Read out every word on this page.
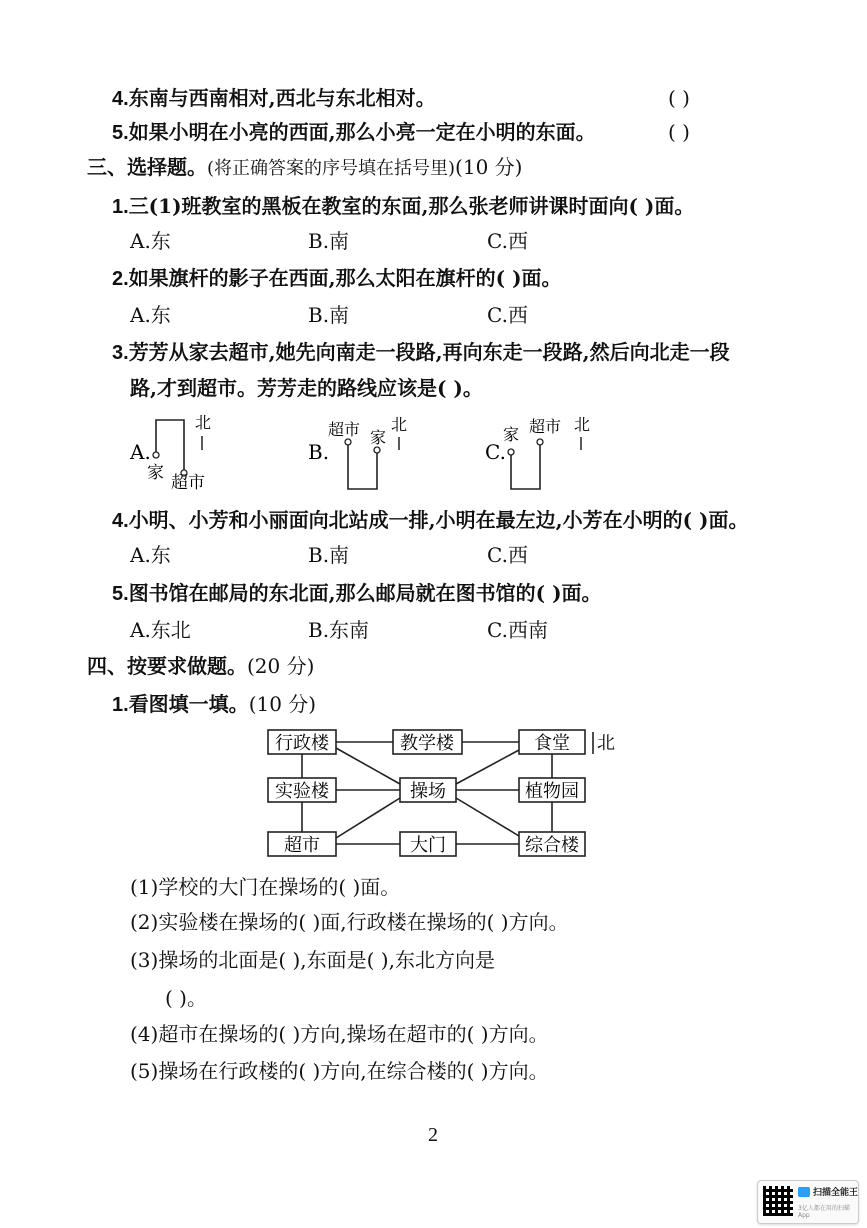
4.东南与西南相对,西北与东北相对。	( )
5.如果小明在小亮的西面,那么小亮一定在小明的东面。	( )
三、选择题。(将正确答案的序号填在括号里)(10 分)
1.三(1)班教室的黑板在教室的东面,那么张老师讲课时面向( )面。
A.东	B.南	C.西
2.如果旗杆的影子在西面,那么太阳在旗杆的( )面。
A.东	B.南	C.西
3.芳芳从家去超市,她先向南走一段路,再向东走一段路,然后向北走一段
路,才到超市。芳芳走的路线应该是( )。
A.
家 超市
北
B.
超市 家
北
C.
家 超市 北
4.小明、小芳和小丽面向北站成一排,小明在最左边,小芳在小明的( )面。
A.东	B.南	C.西
5.图书馆在邮局的东北面,那么邮局就在图书馆的( )面。
A.东北	B.东南	C.西南
四、按要求做题。(20 分)
1.看图填一填。(10 分)
行政楼	教学楼	食堂 北
实验楼	操场	植物园
超市	大门	综合楼
(1)学校的大门在操场的( )面。
(2)实验楼在操场的( )面,行政楼在操场的( )方向。
(3)操场的北面是( ),东面是( ),东北方向是
( )。
(4)超市在操场的( )方向,操场在超市的( )方向。
(5)操场在行政楼的( )方向,在综合楼的( )方向。
2
扫描全能王
3亿人都在用的扫描App
